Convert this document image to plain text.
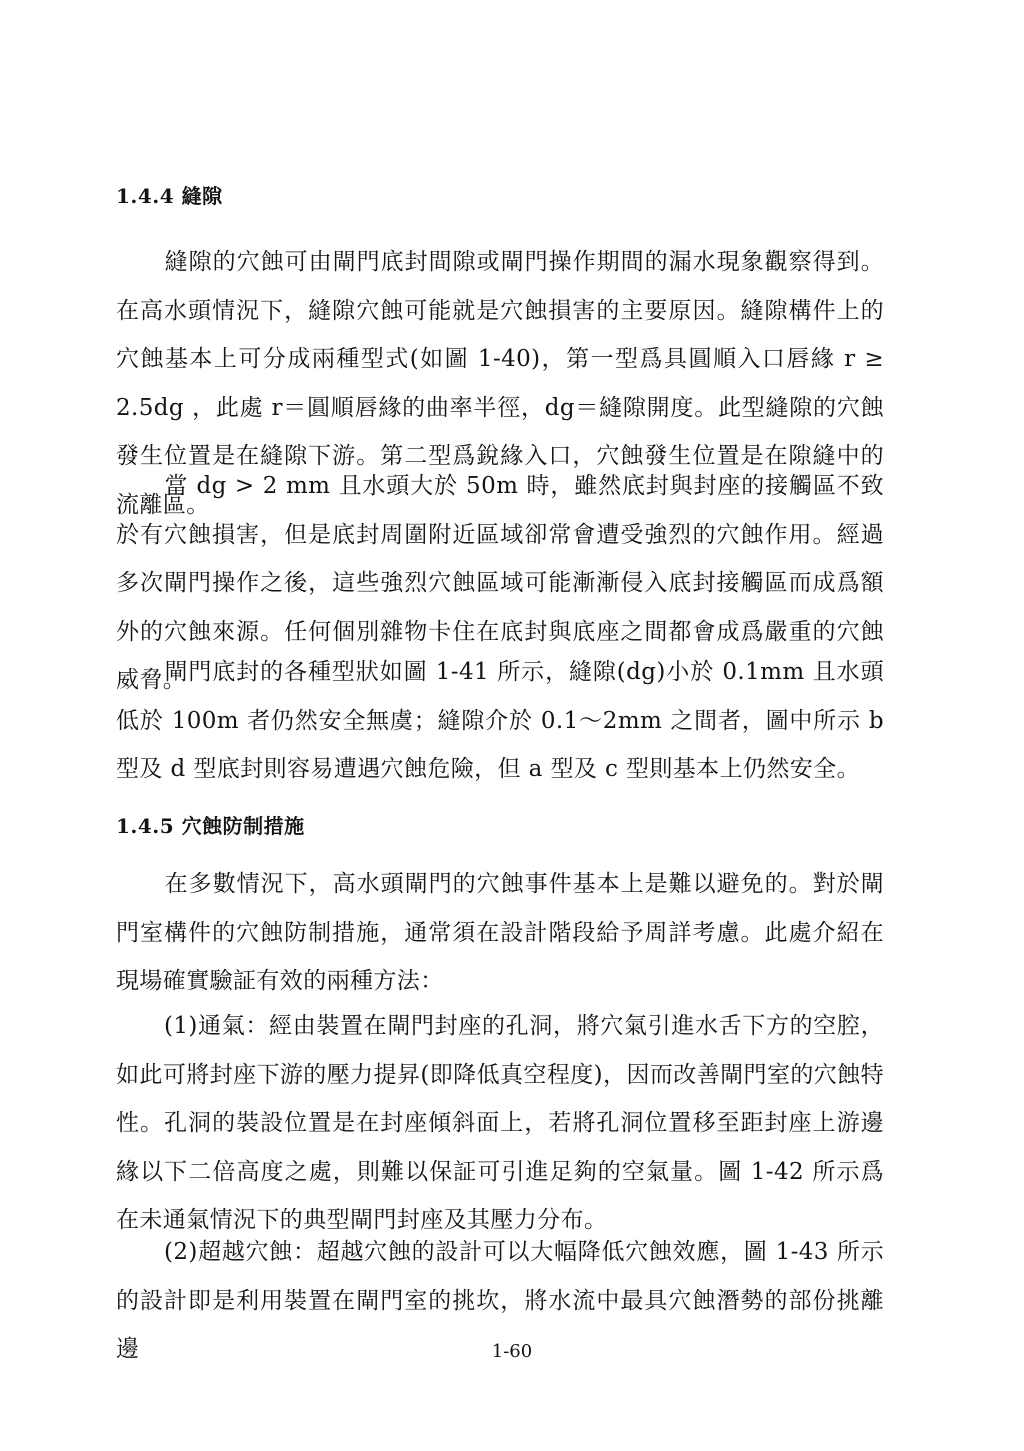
1.4.4 縫隙
縫隙的穴蝕可由閘門底封間隙或閘門操作期間的漏水現象觀察得到。在高水頭情況下，縫隙穴蝕可能就是穴蝕損害的主要原因。縫隙構件上的穴蝕基本上可分成兩種型式(如圖 1-40)，第一型爲具圓順入口唇緣 r ≥ 2.5dg ，此處 r＝圓順唇緣的曲率半徑，dg＝縫隙開度。此型縫隙的穴蝕發生位置是在縫隙下游。第二型爲銳緣入口，穴蝕發生位置是在隙縫中的流離區。
當 dg > 2 mm 且水頭大於 50m 時，雖然底封與封座的接觸區不致於有穴蝕損害，但是底封周圍附近區域卻常會遭受強烈的穴蝕作用。經過多次閘門操作之後，這些強烈穴蝕區域可能漸漸侵入底封接觸區而成爲額外的穴蝕來源。任何個別雜物卡住在底封與底座之間都會成爲嚴重的穴蝕威脅。
閘門底封的各種型狀如圖 1-41 所示，縫隙(dg)小於 0.1mm 且水頭低於 100m 者仍然安全無虞；縫隙介於 0.1～2mm 之間者，圖中所示 b 型及 d 型底封則容易遭遇穴蝕危險，但 a 型及 c 型則基本上仍然安全。
1.4.5 穴蝕防制措施
在多數情況下，高水頭閘門的穴蝕事件基本上是難以避免的。對於閘門室構件的穴蝕防制措施，通常須在設計階段給予周詳考慮。此處介紹在現場確實驗証有效的兩種方法：
(1)通氣：經由裝置在閘門封座的孔洞，將穴氣引進水舌下方的空腔，如此可將封座下游的壓力提昇(即降低真空程度)，因而改善閘門室的穴蝕特性。孔洞的裝設位置是在封座傾斜面上，若將孔洞位置移至距封座上游邊緣以下二倍高度之處，則難以保証可引進足夠的空氣量。圖 1-42 所示爲在未通氣情況下的典型閘門封座及其壓力分布。
(2)超越穴蝕：超越穴蝕的設計可以大幅降低穴蝕效應，圖 1-43 所示的設計即是利用裝置在閘門室的挑坎，將水流中最具穴蝕潛勢的部份挑離邊	1-60
